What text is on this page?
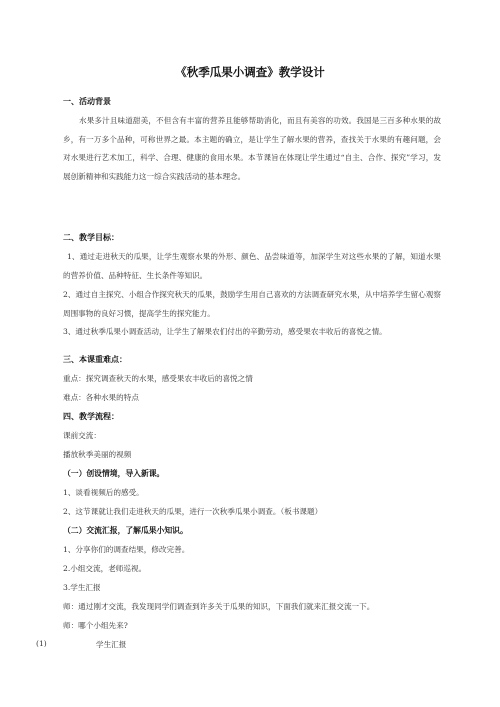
《秋季瓜果小调查》教学设计
一、活动背景
水果多汁且味道甜美，不但含有丰富的营养且能够帮助消化，而且有美容的功效。我国是三百多种水果的故乡，有一万多个品种，可称世界之最。本主题的确立，是让学生了解水果的营养，查找关于水果的有趣问题，会对水果进行艺术加工，科学、合理、健康的食用水果。本节课旨在体现让学生通过“自主、合作、探究”学习，发展创新精神和实践能力这一综合实践活动的基本理念。
二、教学目标：
1、通过走进秋天的瓜果，让学生观察水果的外形、颜色、品尝味道等，加深学生对这些水果的了解，知道水果的营养价值、品种特征、生长条件等知识。
2、通过自主探究、小组合作探究秋天的瓜果，鼓励学生用自己喜欢的方法调查研究水果，从中培养学生留心观察周围事物的良好习惯，提高学生的探究能力。
3、通过秋季瓜果小调查活动，让学生了解果农们付出的辛勤劳动，感受果农丰收后的喜悦之情。
三、本课重难点：
重点：探究调查秋天的水果，感受果农丰收后的喜悦之情
难点：各种水果的特点
四、教学流程：
课前交流：
播放秋季美丽的视频
（一）创设情境，导入新课。
1、谈看视频后的感受。
2、这节课就让我们走进秋天的瓜果，进行一次秋季瓜果小调查。（板书课题）
（二）交流汇报，了解瓜果小知识。
1、分享你们的调查结果，修改完善。
2.小组交流，老师巡视。
3.学生汇报
师：通过刚才交流，我发现同学们调查到许多关于瓜果的知识，下面我们就来汇报交流一下。
师：哪个小组先来?
(1)	学生汇报
